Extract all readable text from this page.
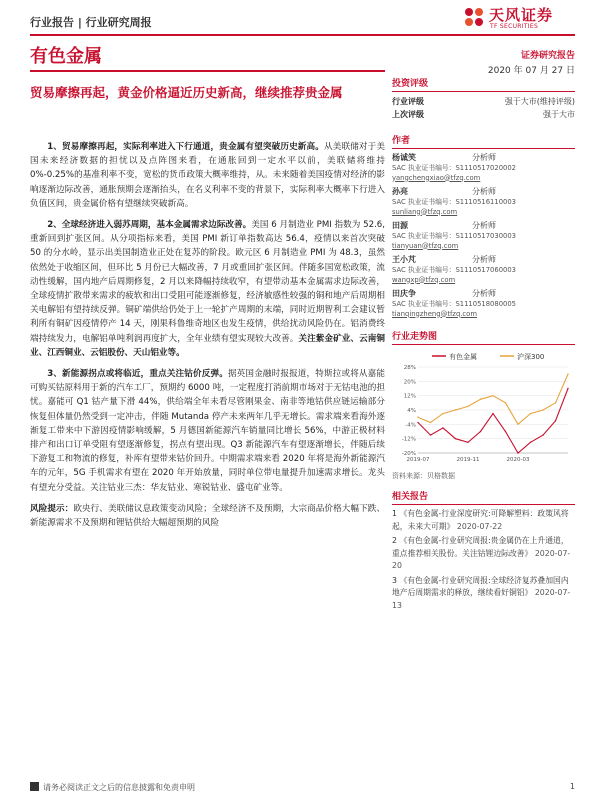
行业报告 | 行业研究周报	天风证券
TF SECURITIES
有色金属	证券研究报告
2020 年 07 月 27 日
贸易摩擦再起，黄金价格逼近历史新高，继续推荐贵金属

1、贸易摩擦再起，实际利率进入下行通道，贵金属有望突破历史新高。从美联储对于美国未来经济数据的担忧以及点阵图来看，在通胀回到一定水平以前，美联储将维持 0%-0.25%的基准利率不变，宽松的货币政策大概率维持，从。未来随着美国疫情对经济的影响逐渐边际改善，通胀预期会逐渐抬头，在名义利率不变的背景下，实际利率大概率下行进入负值区间，贵金属价格有望继续突破新高。

2、全球经济进入弱苏周期，基本金属需求边际改善。美国 6 月制造业 PMI 指数为 52.6,重新回到扩张区间。从分项指标来看，美国 PMI 新订单指数高达 56.4，疫情以来首次突破 50 的分水岭，显示出美国制造业正处在复苏的阶段。欧元区 6 月制造业 PMI 为 48.3，虽然依然处于收缩区间，但环比 5 月份已大幅改善，7 月或重回扩张区间。伴随多国宽松政策，流动性缓解，国内地产后周期修复，2 月以来降幅持续收窄，有望带动基本金属需求边际改善，全球疫情扩散带来需求的疲软和出口受阻可能逐渐修复，经济敏感性较强的铜和地产后周期相关电解铝有望持续反弹。铜矿端供给仍处于上一轮扩产周期的末端，同时近期智利工会建议暂利所有铜矿因疫情停产 14 天，刚果科鲁维奇地区也发生疫情，供给扰动风险仍在。铝消费终端持续发力，电解铝单吨利润再度扩大，全年业绩有望实现较大改善。关注紫金矿业、云南铜业、江西铜业、云铝股份、天山铝业等。

3、新能源拐点或将临近，重点关注钴价反弹。据英国金融时报报道，特斯拉或将从嘉能可购买钴原料用于新的汽车工厂，预期约 6000 吨，一定程度打消前期市场对于无钴电池的担忧。嘉能可 Q1 钴产量下滑 44%，供给端全年未看尽管刚果金、南非等地钴供应链运输部分恢复但体量仍然受到一定冲击，伴随 Mutanda 停产未来两年几乎无增长。需求端来看海外逐渐复工带来中下游因疫情影响缓解，5 月德国新能源汽车销量同比增长 56%，中游正极材料排产和出口订单受阻有望逐渐修复，拐点有望出现。Q3 新能源汽车有望逐渐增长，伴随后续下游复工和物流的修复，补库有望带来钴价回升。中期需求端来看 2020 年将是海外新能源汽车的元年，5G 手机需求有望在 2020 年开始放量，同时单位带电量提升加速需求增长。龙头有望充分受益。关注钴业三杰：华友钴业、寒锐钴业、盛屯矿业等。

风险提示：欧央行、美联储议息政策变动风险；全球经济不及预期，大宗商品价格大幅下跌、新能源需求不及预期和锂钴供给大幅超预期的风险

投资评级
行业评级	强于大市(维持评级)
上次评级	强于大市
作者
杨诚笑	分析师
SAC 执业证书编号：S1110517020002
yangchengxiao@tfzq.com
孙亮	分析师
SAC 执业证书编号：S1110516110003
sunliang@tfzq.com
田源	分析师
SAC 执业证书编号：S1110517030003
tianyuan@tfzq.com
王小芃	分析师
SAC 执业证书编号：S1110517060003
wangxp@tfzq.com
田庆争	分析师
SAC 执业证书编号：S1110518080005
tianqingzheng@tfzq.com
行业走势图
有色金属	沪深300
-20%
-12%
-4%
4%
12%
20%
28%
2019-07	2019-11	2020-03
资料来源：贝格数据
相关报告
1 《有色金属-行业深度研究:可降解塑料：政策风将起，未来大可期》 2020-07-22
2 《有色金属-行业研究周报:贵金属仍在上升通道，重点推荐相关股份。关注钴锂边际改善》 2020-07-20
3 《有色金属-行业研究周报:全球经济复苏叠加国内地产后周期需求的释放，继续看好铜铝》 2020-07-13
请务必阅读正文之后的信息披露和免责申明	1
